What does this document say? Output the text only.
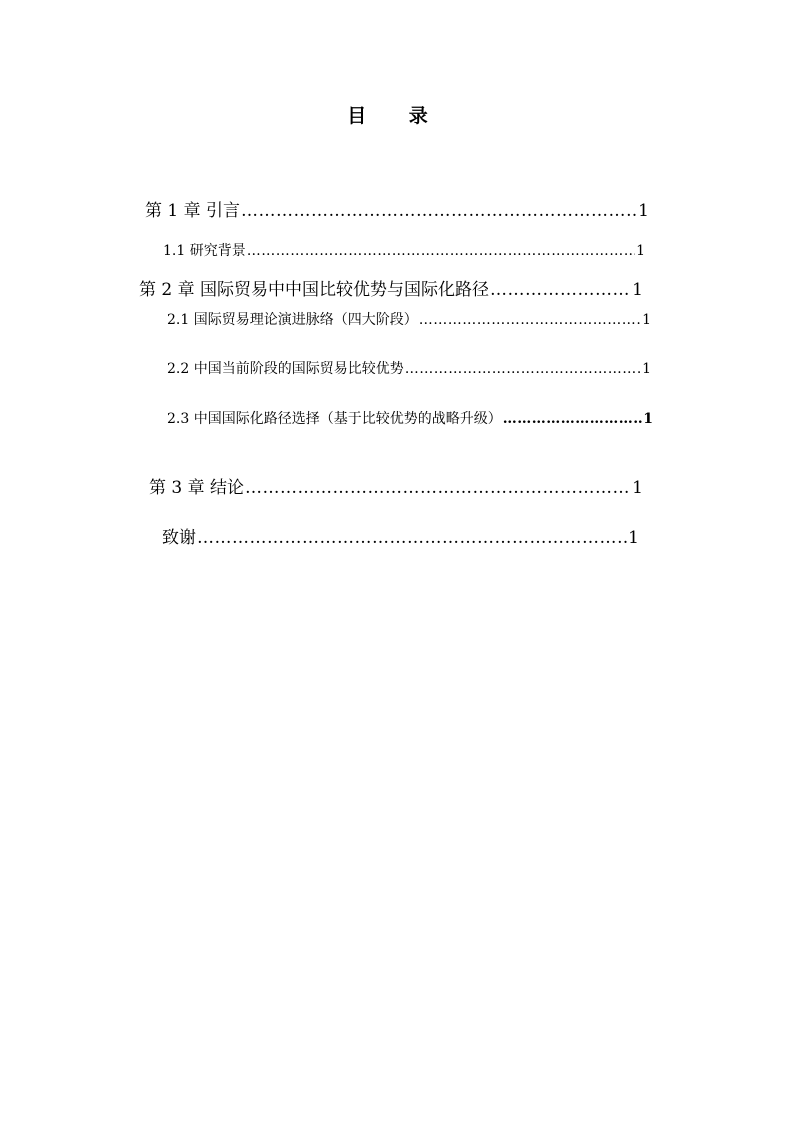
目 录
第 1 章 引言 ……………………………………………………………………………………………………………………………………………………………………	1
1.1 研究背景 ……………………………………………………………………………………………………………………………………………………………………	1
第 2 章 国际贸易中中国比较优势与国际化路径 ……………………………………………………………………………………………………………………………………………………………………	1
2.1 国际贸易理论演进脉络（四大阶段） ……………………………………………………………………………………………………………………………………………………………………	1
2.2 中国当前阶段的国际贸易比较优势 ……………………………………………………………………………………………………………………………………………………………………	1
2.3 中国国际化路径选择（基于比较优势的战略升级） ……………………………………………………………………………………………………………………………………………………………………	1
第 3 章 结论 ……………………………………………………………………………………………………………………………………………………………………	1
致谢 ……………………………………………………………………………………………………………………………………………………………………	1
